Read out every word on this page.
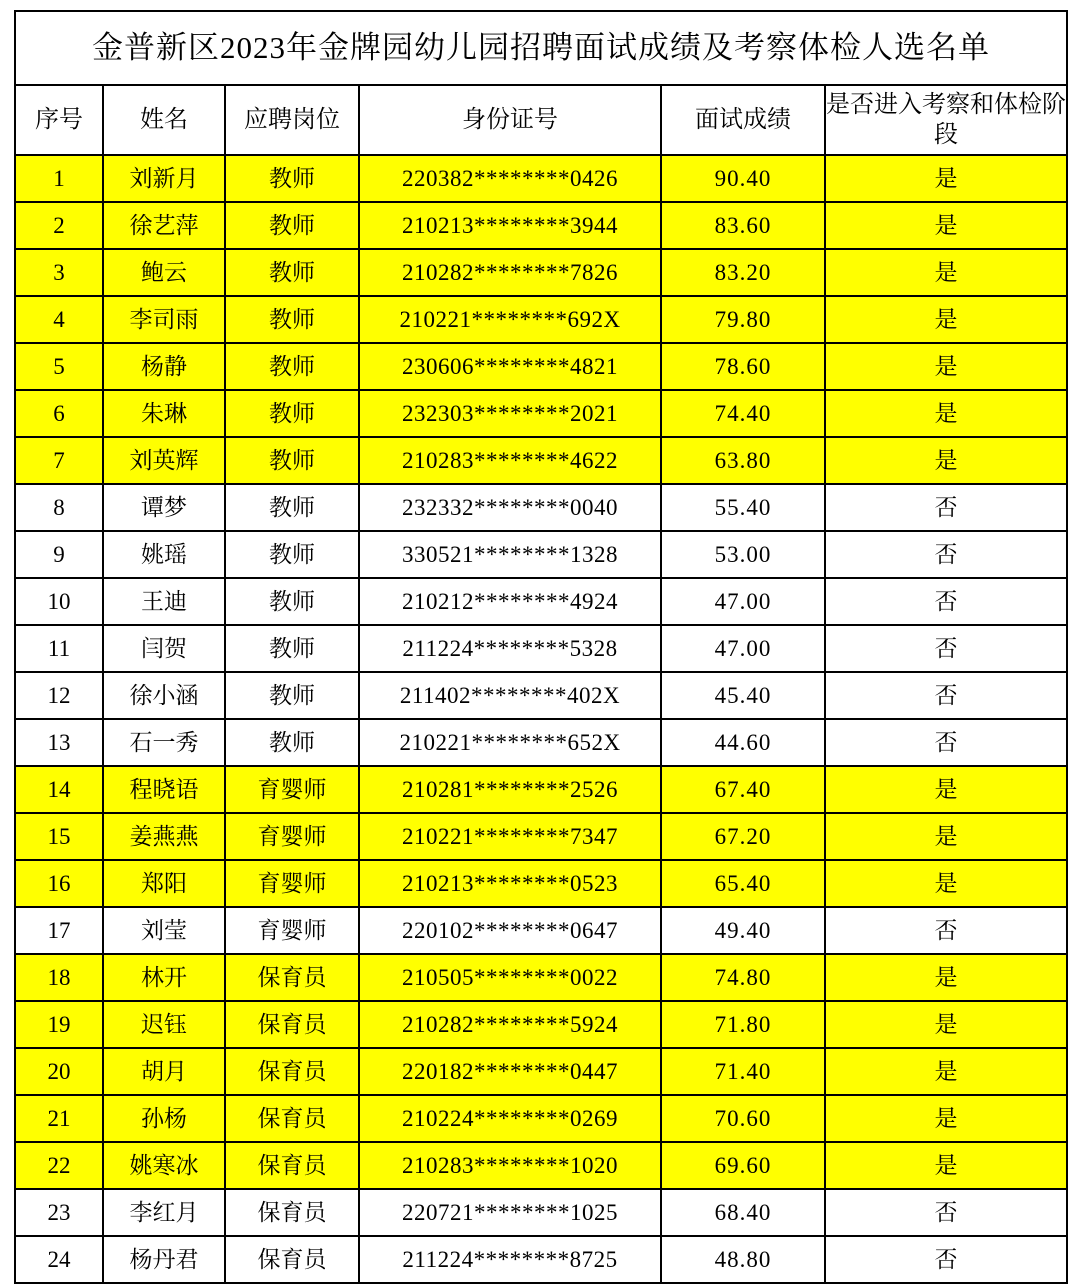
金普新区2023年金牌园幼儿园招聘面试成绩及考察体检人选名单					
序号	姓名	应聘岗位	身份证号	面试成绩	是否进入考察和体检阶段
1	刘新月	教师	220382********0426	90.40	是
2	徐艺萍	教师	210213********3944	83.60	是
3	鲍云	教师	210282********7826	83.20	是
4	李司雨	教师	210221********692X	79.80	是
5	杨静	教师	230606********4821	78.60	是
6	朱琳	教师	232303********2021	74.40	是
7	刘英辉	教师	210283********4622	63.80	是
8	谭梦	教师	232332********0040	55.40	否
9	姚瑶	教师	330521********1328	53.00	否
10	王迪	教师	210212********4924	47.00	否
11	闫贺	教师	211224********5328	47.00	否
12	徐小涵	教师	211402********402X	45.40	否
13	石一秀	教师	210221********652X	44.60	否
14	程晓语	育婴师	210281********2526	67.40	是
15	姜燕燕	育婴师	210221********7347	67.20	是
16	郑阳	育婴师	210213********0523	65.40	是
17	刘莹	育婴师	220102********0647	49.40	否
18	林开	保育员	210505********0022	74.80	是
19	迟钰	保育员	210282********5924	71.80	是
20	胡月	保育员	220182********0447	71.40	是
21	孙杨	保育员	210224********0269	70.60	是
22	姚寒冰	保育员	210283********1020	69.60	是
23	李红月	保育员	220721********1025	68.40	否
24	杨丹君	保育员	211224********8725	48.80	否
